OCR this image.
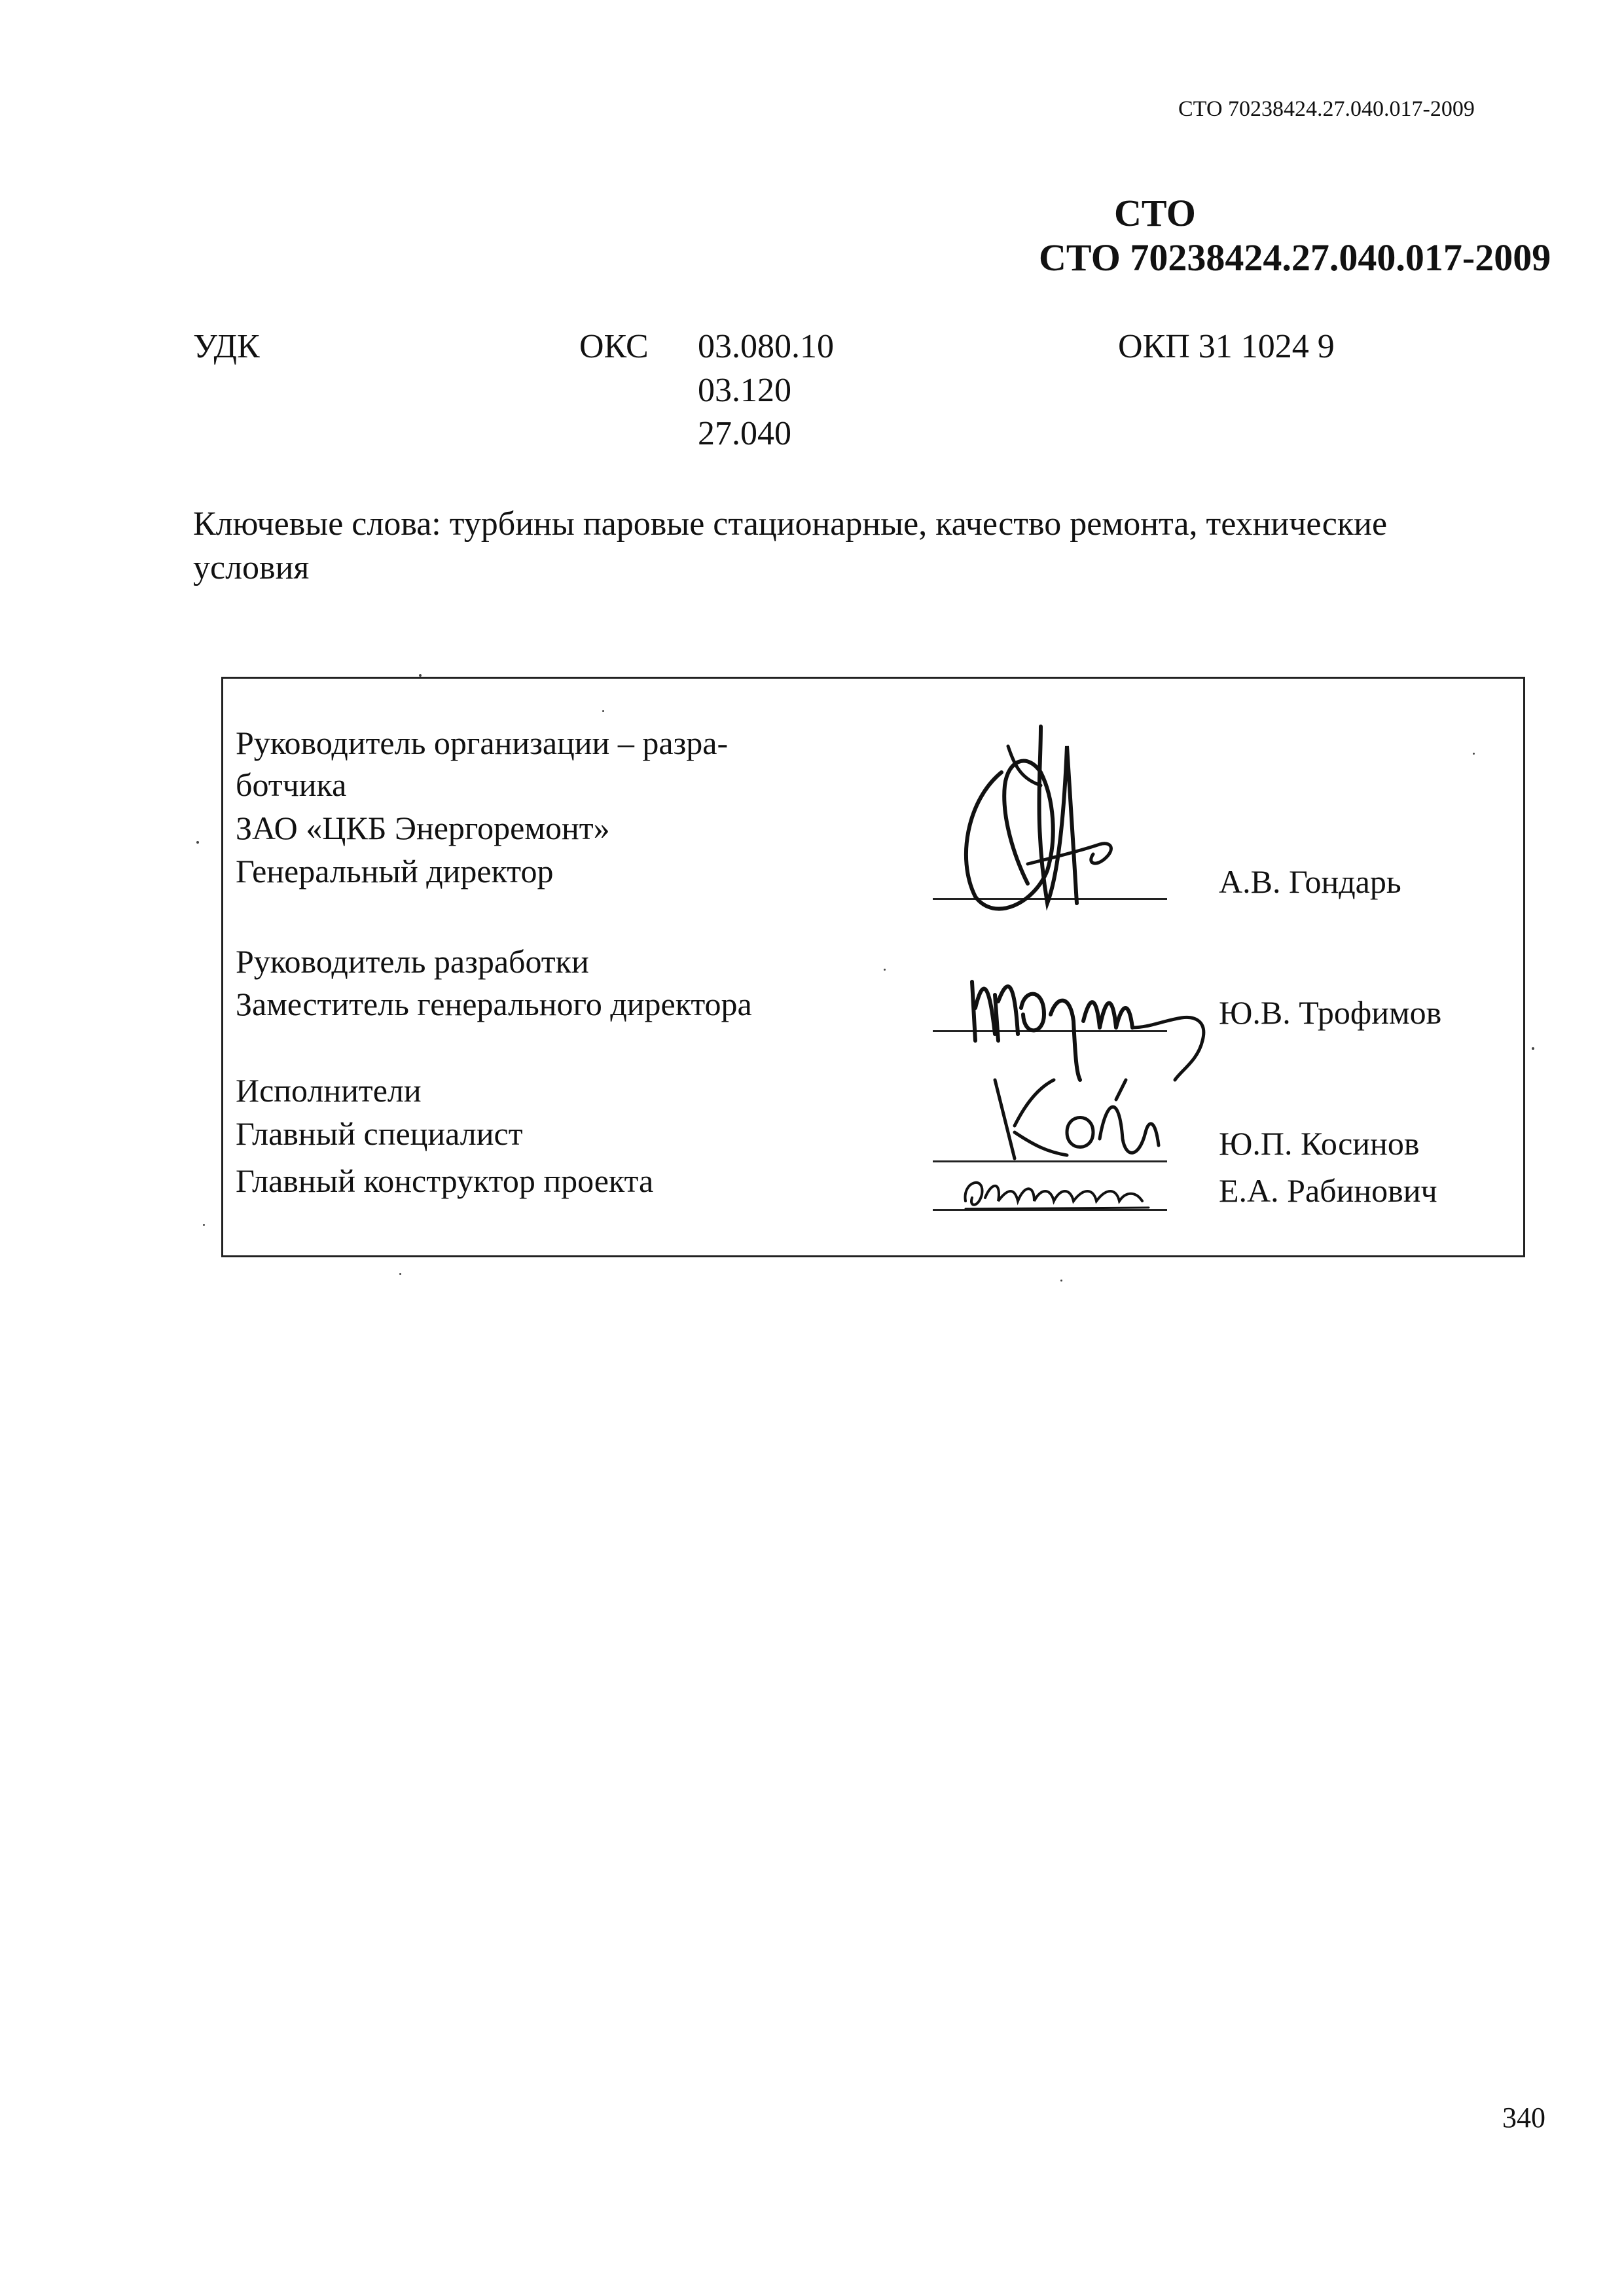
СТО 70238424.27.040.017-2009
СТО
СТО 70238424.27.040.017-2009
УДК	ОКС 03.080.10
03.120
27.040
ОКП 31 1024 9
Ключевые слова: турбины паровые стационарные, качество ремонта, технические
условия
Руководитель организации – разра-
ботчика
ЗАО «ЦКБ Энергоремонт»
Генеральный директор	А.В. Гондарь
Руководитель разработки
Заместитель генерального директора	Ю.В. Трофимов
Исполнители
Главный специалист	Ю.П. Косинов
Главный конструктор проекта	Е.А. Рабинович
340
